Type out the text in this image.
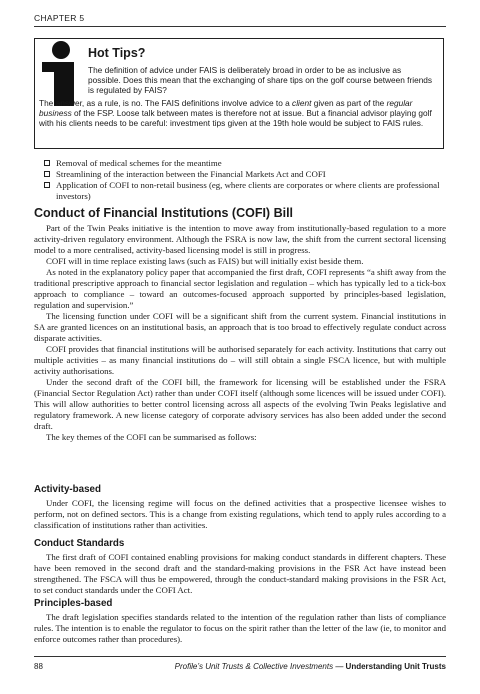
CHAPTER 5
Hot Tips?
The definition of advice under FAIS is deliberately broad in order to be as inclusive as possible. Does this mean that the exchanging of share tips on the golf course between friends is regulated by FAIS?
The answer, as a rule, is no. The FAIS definitions involve advice to a client given as part of the regular business of the FSP. Loose talk between mates is therefore not at issue. But a financial advisor playing golf with his clients needs to be careful: investment tips given at the 19th hole would be subject to FAIS rules.
Removal of medical schemes for the meantime
Streamlining of the interaction between the Financial Markets Act and COFI
Application of COFI to non-retail business (eg, where clients are corporates or where clients are professional investors)
Conduct of Financial Institutions (COFI) Bill

Part of the Twin Peaks initiative is the intention to move away from institutionally-based regulation to a more activity-driven regulatory environment. Although the FSRA is now law, the shift from the current sectoral licensing model to a more centralised, activity-based licensing model is still in progress.

COFI will in time replace existing laws (such as FAIS) but will initially exist beside them.

As noted in the explanatory policy paper that accompanied the first draft, COFI represents “a shift away from the traditional prescriptive approach to financial sector legislation and regulation – which has typically led to a tick-box approach to compliance – toward an outcomes-focused approach supported by principles-based legislation, regulation and supervision.”

The licensing function under COFI will be a significant shift from the current system. Financial institutions in SA are granted licences on an institutional basis, an approach that is too broad to effectively regulate conduct across disparate activities.

COFI provides that financial institutions will be authorised separately for each activity. Institutions that carry out multiple activities – as many financial institutions do – will still obtain a single FSCA licence, but with multiple activity authorisations.

Under the second draft of the COFI bill, the framework for licensing will be established under the FSRA (Financial Sector Regulation Act) rather than under COFI itself (although some licences will be issued under COFI). This will allow authorities to better control licensing across all aspects of the evolving Twin Peaks legislative and regulatory framework. A new license category of corporate advisory services has also been added under the second draft.

The key themes of the COFI can be summarised as follows:

Activity-based

Under COFI, the licensing regime will focus on the defined activities that a prospective licensee wishes to perform, not on defined sectors. This is a change from existing regulations, which tend to apply rules according to a classification of institutions rather than activities.

Conduct Standards

The first draft of COFI contained enabling provisions for making conduct standards in different chapters. These have been removed in the second draft and the standard-making provisions in the FSR Act have instead been strengthened. The FSCA will thus be empowered, through the conduct-standard making provisions in the FSR Act, to set conduct standards under the COFI Act.

Principles-based

The draft legislation specifies standards related to the intention of the regulation rather than lists of compliance rules. The intention is to enable the regulator to focus on the spirit rather than the letter of the law (ie, to monitor and enforce outcomes rather than procedures).

88	Profile’s Unit Trusts & Collective Investments — Understanding Unit Trusts
